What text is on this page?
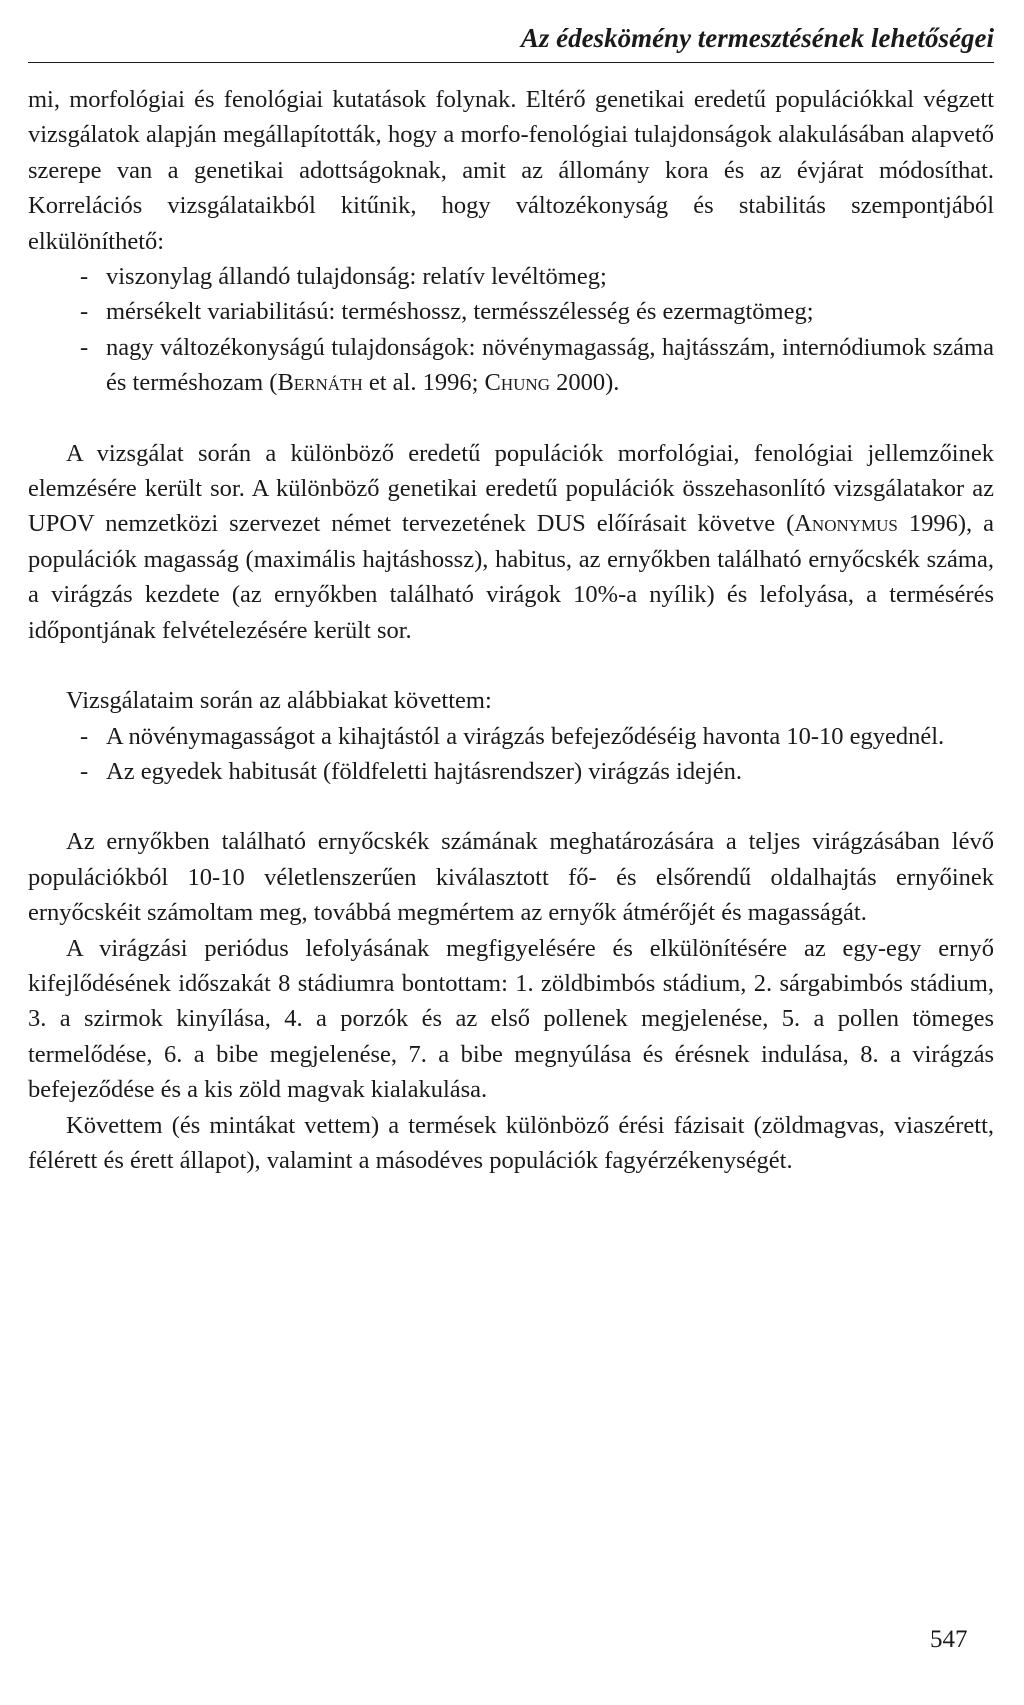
Az édeskömény termesztésének lehetőségei

mi, morfológiai és fenológiai kutatások folynak. Eltérő genetikai eredetű populációkkal végzett vizsgálatok alapján megállapították, hogy a morfo-fenológiai tulajdonságok alakulásában alapvető szerepe van a genetikai adottságoknak, amit az állomány kora és az évjárat módosíthat. Korrelációs vizsgálataikból kitűnik, hogy változékonyság és stabilitás szempontjából elkülöníthető:

- viszonylag állandó tulajdonság: relatív levéltömeg;
- mérsékelt variabilitású: terméshossz, termésszélesség és ezermagtömeg;
- nagy változékonyságú tulajdonságok: növénymagasság, hajtásszám, internódiumok száma és terméshozam (Bernáth et al. 1996; Chung 2000).

A vizsgálat során a különböző eredetű populációk morfológiai, fenológiai jellemzőinek elemzésére került sor. A különböző genetikai eredetű populációk összehasonlító vizsgálatakor az UPOV nemzetközi szervezet német tervezetének DUS előírásait követve (Anonymus 1996), a populációk magasság (maximális hajtáshossz), habitus, az ernyőkben található ernyőcskék száma, a virágzás kezdete (az ernyőkben található virágok 10%-a nyílik) és lefolyása, a termésérés időpontjának felvételezésére került sor.

Vizsgálataim során az alábbiakat követtem:

- A növénymagasságot a kihajtástól a virágzás befejeződéséig havonta 10-10 egyednél.
- Az egyedek habitusát (földfeletti hajtásrendszer) virágzás idején.

Az ernyőkben található ernyőcskék számának meghatározására a teljes virágzásában lévő populációkból 10-10 véletlenszerűen kiválasztott fő- és elsőrendű oldalhajtás ernyőinek ernyőcskéit számoltam meg, továbbá megmértem az ernyők átmérőjét és magasságát.

A virágzási periódus lefolyásának megfigyelésére és elkülönítésére az egy-egy ernyő kifejlődésének időszakát 8 stádiumra bontottam: 1. zöldbimbós stádium, 2. sárgabimbós stádium, 3. a szirmok kinyílása, 4. a porzók és az első pollenek megjelenése, 5. a pollen tömeges termelődése, 6. a bibe megjelenése, 7. a bibe megnyúlása és érésnek indulása, 8. a virágzás befejeződése és a kis zöld magvak kialakulása.

Követtem (és mintákat vettem) a termések különböző érési fázisait (zöldmagvas, viaszérett, félérett és érett állapot), valamint a másodéves populációk fagyérzékenységét.

547
